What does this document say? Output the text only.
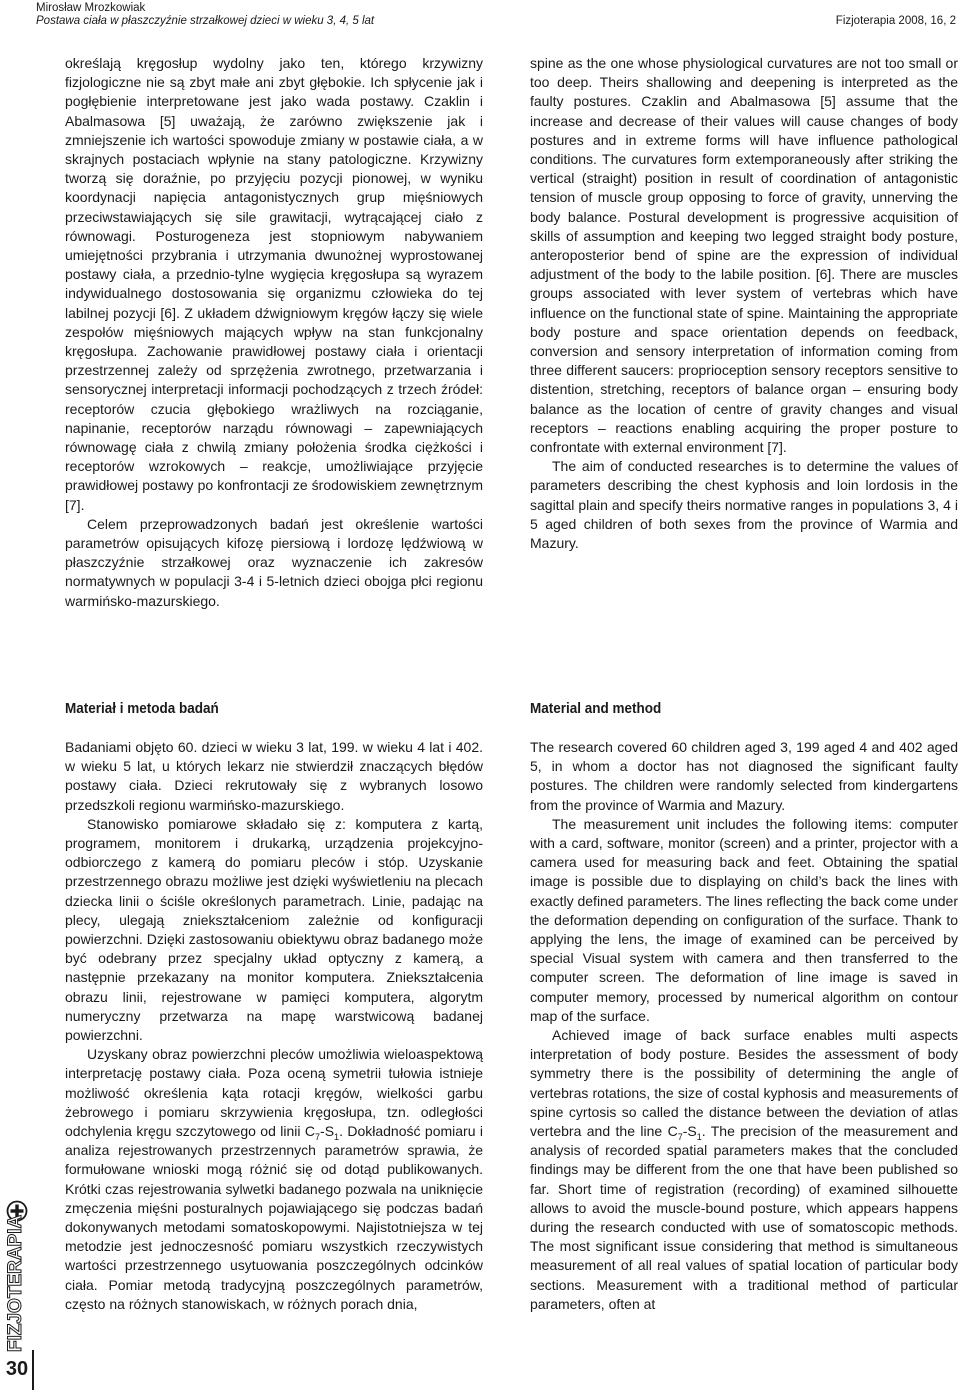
Mirosław Mrozkowiak
Postawa ciała w płaszczyźnie strzałkowej dzieci w wieku 3, 4, 5 lat	Fizjoterapia 2008, 16, 2

określają kręgosłup wydolny jako ten, którego krzywizny fizjologiczne nie są zbyt małe ani zbyt głębokie. Ich spłycenie jak i pogłębienie interpretowane jest jako wada postawy. Czaklin i Abalmasowa [5] uważają, że zarówno zwiększenie jak i zmniejszenie ich wartości spowoduje zmiany w postawie ciała, a w skrajnych postaciach wpłynie na stany patologiczne. Krzywizny tworzą się doraźnie, po przyjęciu pozycji pionowej, w wyniku koordynacji napięcia antagonistycznych grup mięśniowych przeciwstawiających się sile grawitacji, wytrącającej ciało z równowagi. Posturogeneza jest stopniowym nabywaniem umiejętności przybrania i utrzymania dwunożnej wyprostowanej postawy ciała, a przednio-tylne wygięcia kręgosłupa są wyrazem indywidualnego dostosowania się organizmu człowieka do tej labilnej pozycji [6]. Z układem dźwigniowym kręgów łączy się wiele zespołów mięśniowych mających wpływ na stan funkcjonalny kręgosłupa. Zachowanie prawidłowej postawy ciała i orientacji przestrzennej zależy od sprzężenia zwrotnego, przetwarzania i sensorycznej interpretacji informacji pochodzących z trzech źródeł: receptorów czucia głębokiego wrażliwych na rozciąganie, napinanie, receptorów narządu równowagi – zapewniających równowagę ciała z chwilą zmiany położenia środka ciężkości i receptorów wzrokowych – reakcje, umożliwiające przyjęcie prawidłowej postawy po konfrontacji ze środowiskiem zewnętrznym [7].

Celem przeprowadzonych badań jest określenie wartości parametrów opisujących kifozę piersiową i lordozę lędźwiową w płaszczyźnie strzałkowej oraz wyznaczenie ich zakresów normatywnych w populacji 3-4 i 5-letnich dzieci obojga płci regionu warmińsko-mazurskiego.

spine as the one whose physiological curvatures are not too small or too deep. Theirs shallowing and deepening is interpreted as the faulty postures. Czaklin and Abalmasowa [5] assume that the increase and decrease of their values will cause changes of body postures and in extreme forms will have influence pathological conditions. The curvatures form extemporaneously after striking the vertical (straight) position in result of coordination of antagonistic tension of muscle group opposing to force of gravity, unnerving the body balance. Postural development is progressive acquisition of skills of assumption and keeping two legged straight body posture, anteroposterior bend of spine are the expression of individual adjustment of the body to the labile position. [6]. There are muscles groups associated with lever system of vertebras which have influence on the functional state of spine. Maintaining the appropriate body posture and space orientation depends on feedback, conversion and sensory interpretation of information coming from three different saucers: proprioception sensory receptors sensitive to distention, stretching, receptors of balance organ – ensuring body balance as the location of centre of gravity changes and visual receptors – reactions enabling acquiring the proper posture to confrontate with external environment [7].

The aim of conducted researches is to determine the values of parameters describing the chest kyphosis and loin lordosis in the sagittal plain and specify theirs normative ranges in populations 3, 4 i 5 aged children of both sexes from the province of Warmia and Mazury.

Materiał i metoda badań	Material and method

Badaniami objęto 60. dzieci w wieku 3 lat, 199. w wieku 4 lat i 402. w wieku 5 lat, u których lekarz nie stwierdził znaczących błędów postawy ciała. Dzieci rekrutowały się z wybranych losowo przedszkoli regionu warmińsko-mazurskiego.

Stanowisko pomiarowe składało się z: komputera z kartą, programem, monitorem i drukarką, urządzenia projekcyjno-odbiorczego z kamerą do pomiaru pleców i stóp. Uzyskanie przestrzennego obrazu możliwe jest dzięki wyświetleniu na plecach dziecka linii o ściśle określonych parametrach. Linie, padając na plecy, ulegają zniekształceniom zależnie od konfiguracji powierzchni. Dzięki zastosowaniu obiektywu obraz badanego może być odebrany przez specjalny układ optyczny z kamerą, a następnie przekazany na monitor komputera. Zniekształcenia obrazu linii, rejestrowane w pamięci komputera, algorytm numeryczny przetwarza na mapę warstwicową badanej powierzchni.

Uzyskany obraz powierzchni pleców umożliwia wieloaspektową interpretację postawy ciała. Poza oceną symetrii tułowia istnieje możliwość określenia kąta rotacji kręgów, wielkości garbu żebrowego i pomiaru skrzywienia kręgosłupa, tzn. odległości odchylenia kręgu szczytowego od linii $C_7-S_1$. Dokładność pomiaru i analiza rejestrowanych przestrzennych parametrów sprawia, że formułowane wnioski mogą różnić się od dotąd publikowanych. Krótki czas rejestrowania sylwetki badanego pozwala na uniknięcie zmęczenia mięśni posturalnych pojawiającego się podczas badań dokonywanych metodami somatoskopowymi. Najistotniejsza w tej metodzie jest jednoczesność pomiaru wszystkich rzeczywistych wartości przestrzennego usytuowania poszczególnych odcinków ciała. Pomiar metodą tradycyjną poszczególnych parametrów, często na różnych stanowiskach, w różnych porach dnia,

The research covered 60 children aged 3, 199 aged 4 and 402 aged 5, in whom a doctor has not diagnosed the significant faulty postures. The children were randomly selected from kindergartens from the province of Warmia and Mazury.

The measurement unit includes the following items: computer with a card, software, monitor (screen) and a printer, projector with a camera used for measuring back and feet. Obtaining the spatial image is possible due to displaying on child’s back the lines with exactly defined parameters. The lines reflecting the back come under the deformation depending on configuration of the surface. Thank to applying the lens, the image of examined can be perceived by special Visual system with camera and then transferred to the computer screen. The deformation of line image is saved in computer memory, processed by numerical algorithm on contour map of the surface.

Achieved image of back surface enables multi aspects interpretation of body posture. Besides the assessment of body symmetry there is the possibility of determining the angle of vertebras rotations, the size of costal kyphosis and measurements of spine cyrtosis so called the distance between the deviation of atlas vertebra and the line $C_7-S_1$. The precision of the measurement and analysis of recorded spatial parameters makes that the concluded findings may be different from the one that have been published so far. Short time of registration (recording) of examined silhouette allows to avoid the muscle-bound posture, which appears happens during the research conducted with use of somatoscopic methods. The most significant issue considering that method is simultaneous measurement of all real values of spatial location of particular body sections. Measurement with a traditional method of particular parameters, often at

FIZJOTERAPIA
30
